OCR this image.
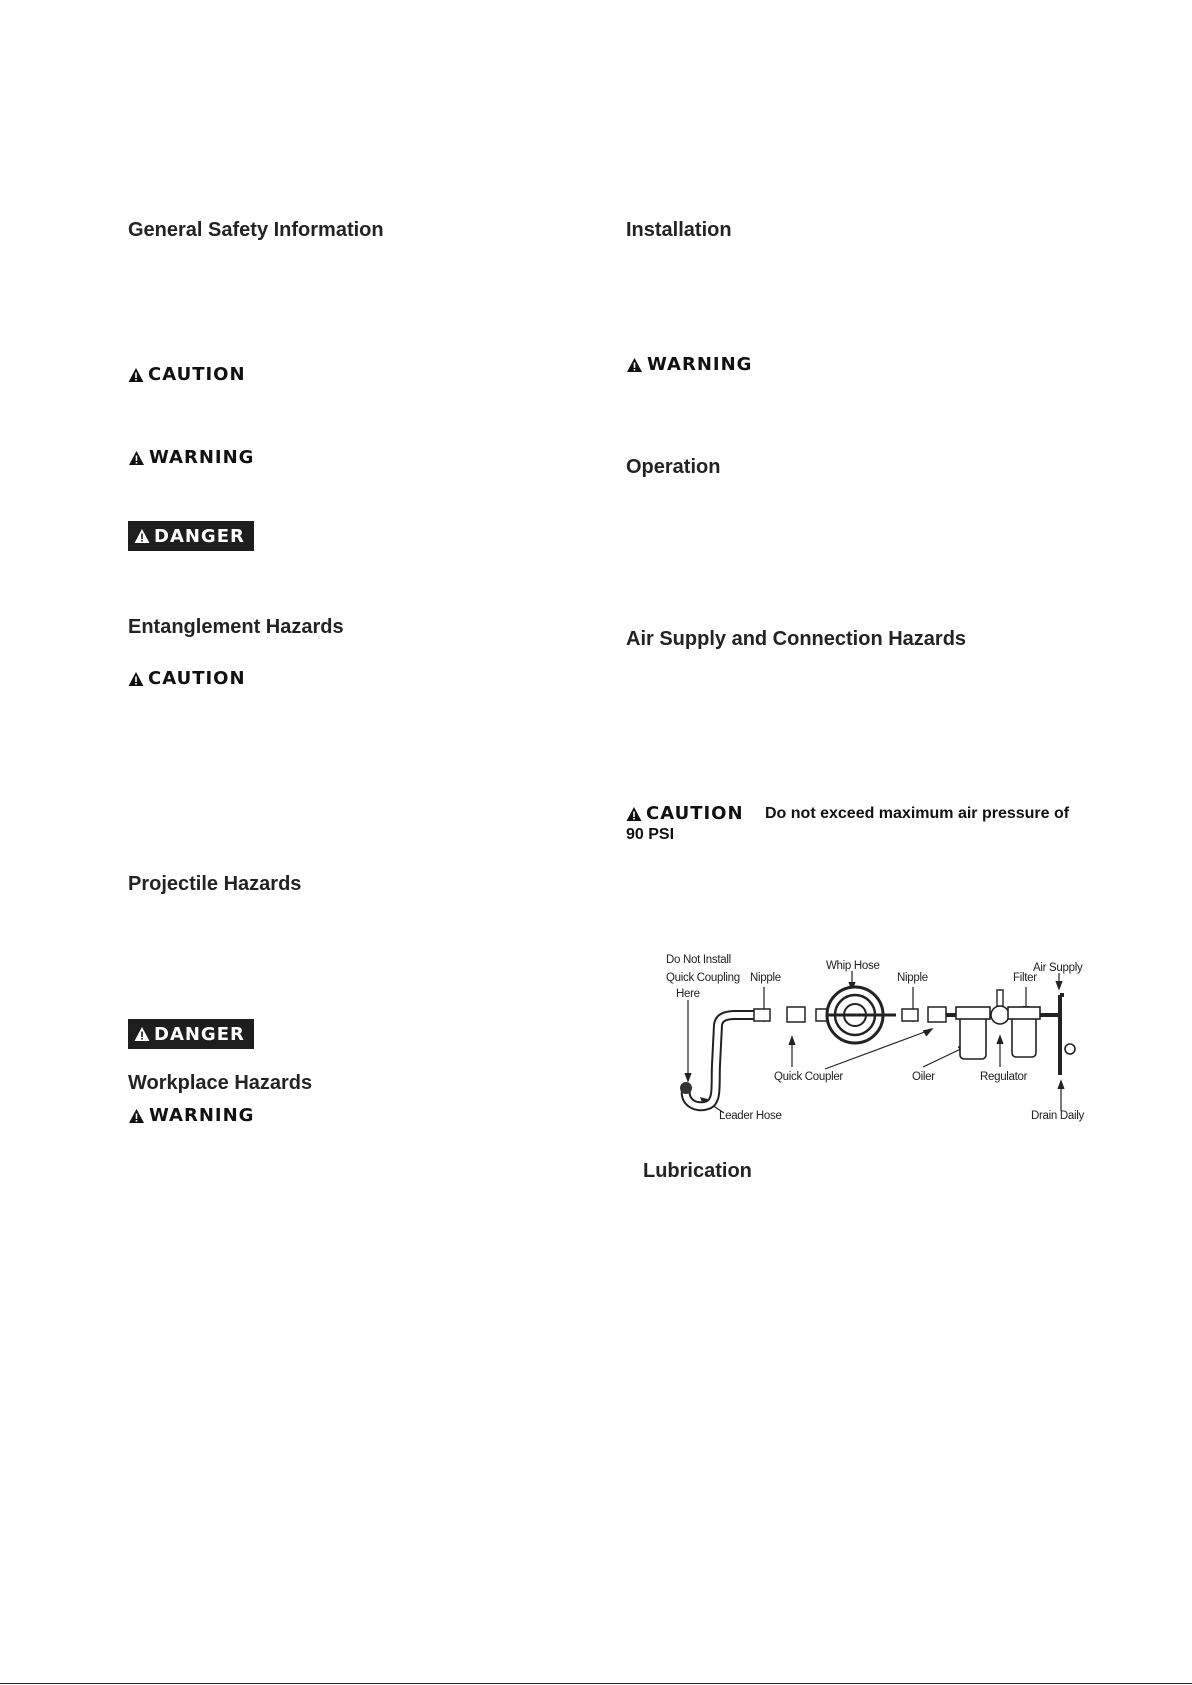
General Safety Information
CAUTION
WARNING
DANGER
Entanglement Hazards
CAUTION
Projectile Hazards
DANGER
Workplace Hazards
WARNING
Installation
WARNING
Operation
Air Supply and Connection Hazards
CAUTION Do not exceed maximum air pressure of
90 PSI
Do Not Install
Quick Coupling
Here
Nipple
Whip Hose
Nipple	Filter
Air Supply
Quick Coupler	Oiler	Regulator
Leader Hose	Drain Daily
Lubrication
